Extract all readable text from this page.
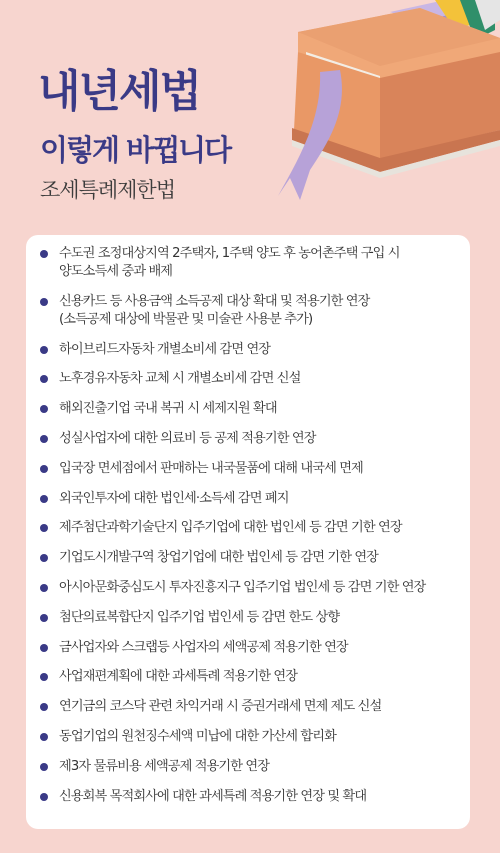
내년세법
이렇게 바뀝니다
조세특례제한법
수도권 조정대상지역 2주택자, 1주택 양도 후 농어촌주택 구입 시
양도소득세 중과 배제
신용카드 등 사용금액 소득공제 대상 확대 및 적용기한 연장
(소득공제 대상에 박물관 및 미술관 사용분 추가)
하이브리드자동차 개별소비세 감면 연장
노후경유자동차 교체 시 개별소비세 감면 신설
해외진출기업 국내 복귀 시 세제지원 확대
성실사업자에 대한 의료비 등 공제 적용기한 연장
입국장 면세점에서 판매하는 내국물품에 대해 내국세 면제
외국인투자에 대한 법인세·소득세 감면 폐지
제주첨단과학기술단지 입주기업에 대한 법인세 등 감면 기한 연장
기업도시개발구역 창업기업에 대한 법인세 등 감면 기한 연장
아시아문화중심도시 투자진흥지구 입주기업 법인세 등 감면 기한 연장
첨단의료복합단지 입주기업 법인세 등 감면 한도 상향
금사업자와 스크랩등 사업자의 세액공제 적용기한 연장
사업재편계획에 대한 과세특례 적용기한 연장
연기금의 코스닥 관련 차익거래 시 증권거래세 면제 제도 신설
동업기업의 원천징수세액 미납에 대한 가산세 합리화
제3자 물류비용 세액공제 적용기한 연장
신용회복 목적회사에 대한 과세특례 적용기한 연장 및 확대
